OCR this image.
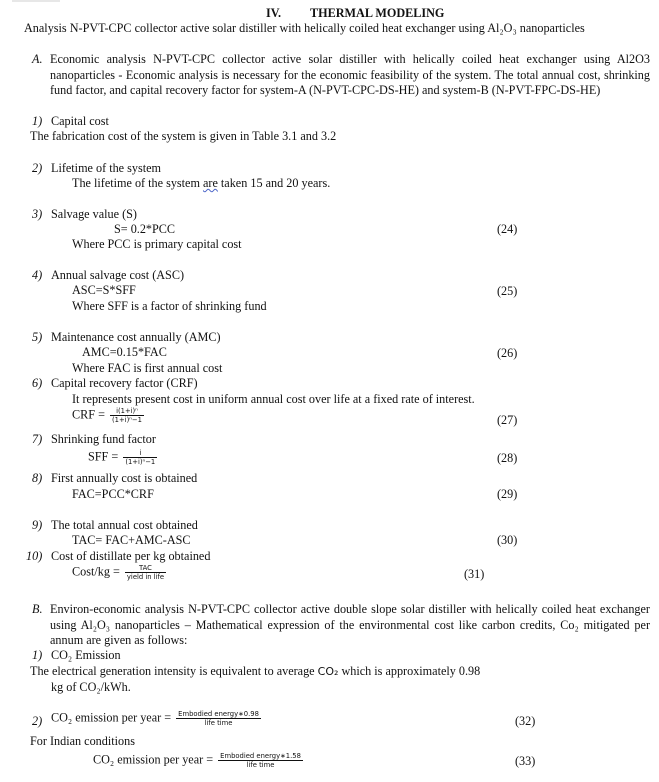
IV. THERMAL MODELING
Analysis N-PVT-CPC collector active solar distiller with helically coiled heat exchanger using Al₂O₃ nanoparticles
A. Economic analysis N-PVT-CPC collector active solar distiller with helically coiled heat exchanger using Al2O3 nanoparticles - Economic analysis is necessary for the economic feasibility of the system. The total annual cost, shrinking fund factor, and capital recovery factor for system-A (N-PVT-CPC-DS-HE) and system-B (N-PVT-FPC-DS-HE)
1) Capital cost
The fabrication cost of the system is given in Table 3.1 and 3.2
2) Lifetime of the system
The lifetime of the system are taken 15 and 20 years.
3) Salvage value (S)
S= 0.2*PCC	(24)
Where PCC is primary capital cost
4) Annual salvage cost (ASC)
ASC=S*SFF	(25)
Where SFF is a factor of shrinking fund
5) Maintenance cost annually (AMC)
AMC=0.15*FAC	(26)
Where FAC is first annual cost
6) Capital recovery factor (CRF)
It represents present cost in uniform annual cost over life at a fixed rate of interest.
CRF = $\frac{\text{i(1+i)ⁿ}}{\text{(1+i)ⁿ−1}}$	(27)
7) Shrinking fund factor
SFF = $\frac{i}{\text{(1+i)ⁿ−1}}$	(28)
8) First annually cost is obtained
FAC=PCC*CRF	(29)
9) The total annual cost obtained
TAC= FAC+AMC-ASC	(30)
10) Cost of distillate per kg obtained
Cost/kg = $\frac{\text{TAC}}{\text{yield in life}}$	(31)
B. Environ-economic analysis N-PVT-CPC collector active double slope solar distiller with helically coiled heat exchanger using Al₂O₃ nanoparticles – Mathematical expression of the environmental cost like carbon credits, Co₂ mitigated per annum are given as follows:
1) CO₂ Emission
The electrical generation intensity is equivalent to average CO₂ which is approximately 0.98
kg of CO₂/kWh.
2) CO₂ emission per year = $\frac{\text{Embodied energy∗0.98}}{\text{life time}}$	(32)
For Indian conditions
CO₂ emission per year = $\frac{\text{Embodied energy∗1.58}}{\text{life time}}$	(33)
